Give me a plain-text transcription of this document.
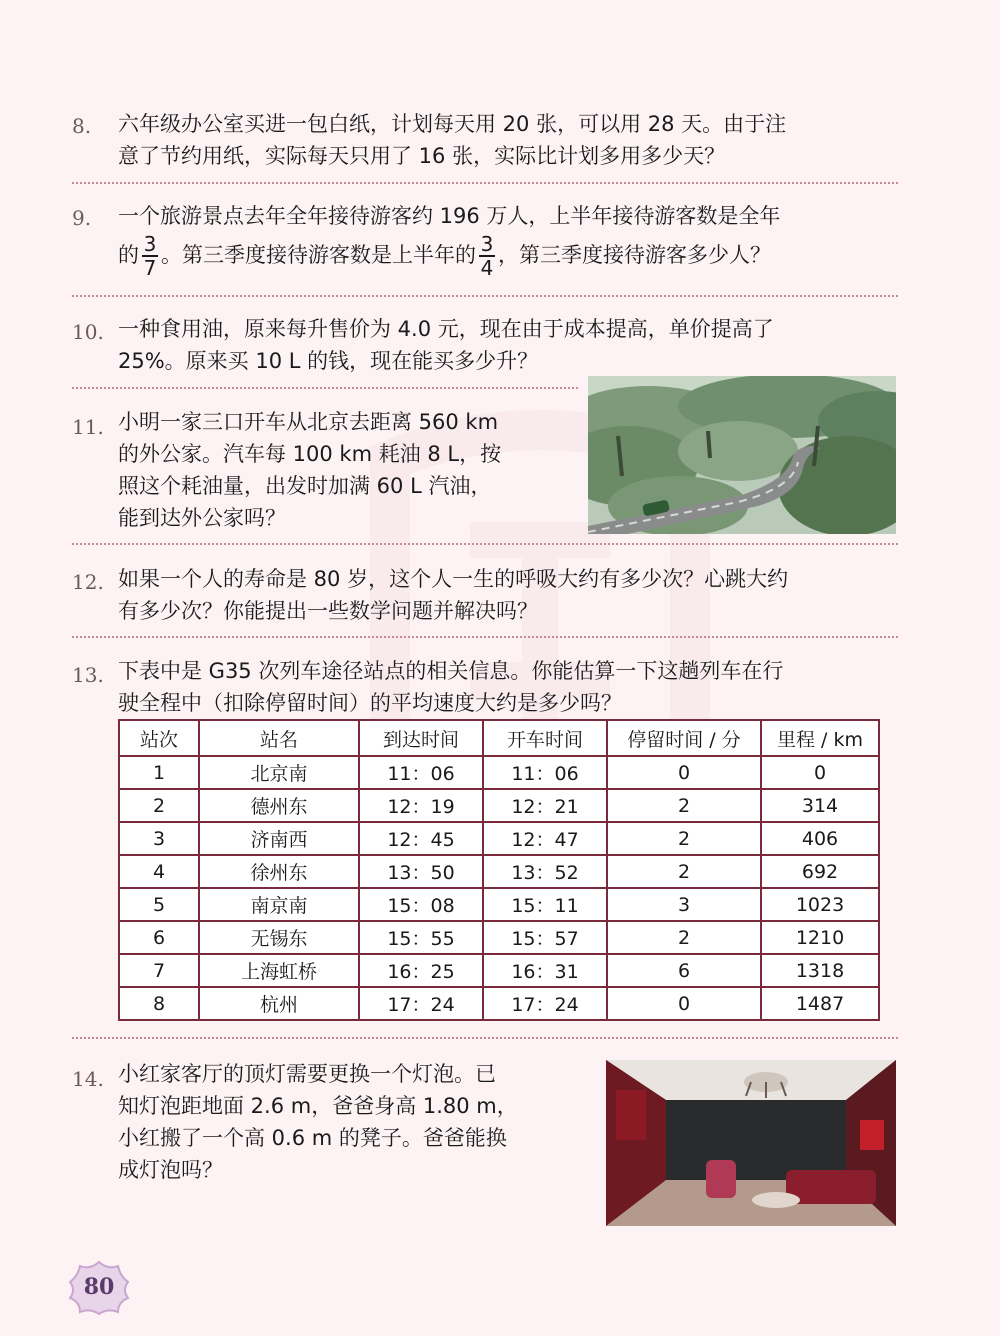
8. 六年级办公室买进一包白纸，计划每天用 20 张，可以用 28 天。由于注
意了节约用纸，实际每天只用了 16 张，实际比计划多用多少天？
9. 一个旅游景点去年全年接待游客约 196 万人，上半年接待游客数是全年
的 $\frac{3}{7}$ 。第三季度接待游客数是上半年的 $\frac{3}{4}$ ，第三季度接待游客多少人？
10. 一种食用油，原来每升售价为 4.0 元，现在由于成本提高，单价提高了
25%。原来买 10 L 的钱，现在能买多少升？
11. 小明一家三口开车从北京去距离 560 km
的外公家。汽车每 100 km 耗油 8 L，按
照这个耗油量，出发时加满 60 L 汽油，
能到达外公家吗？
12. 如果一个人的寿命是 80 岁，这个人一生的呼吸大约有多少次？心跳大约
有多少次？你能提出一些数学问题并解决吗？
13. 下表中是 G35 次列车途径站点的相关信息。你能估算一下这趟列车在行
驶全程中（扣除停留时间）的平均速度大约是多少吗？
站次	站名	到达时间	开车时间	停留时间 / 分	里程 / km
1	北京南	11：06	11：06	0	0
2	德州东	12：19	12：21	2	314
3	济南西	12：45	12：47	2	406
4	徐州东	13：50	13：52	2	692
5	南京南	15：08	15：11	3	1023
6	无锡东	15：55	15：57	2	1210
7	上海虹桥	16：25	16：31	6	1318
8	杭州	17：24	17：24	0	1487
14. 小红家客厅的顶灯需要更换一个灯泡。已
知灯泡距地面 2.6 m，爸爸身高 1.80 m，
小红搬了一个高 0.6 m 的凳子。爸爸能换
成灯泡吗？
80
